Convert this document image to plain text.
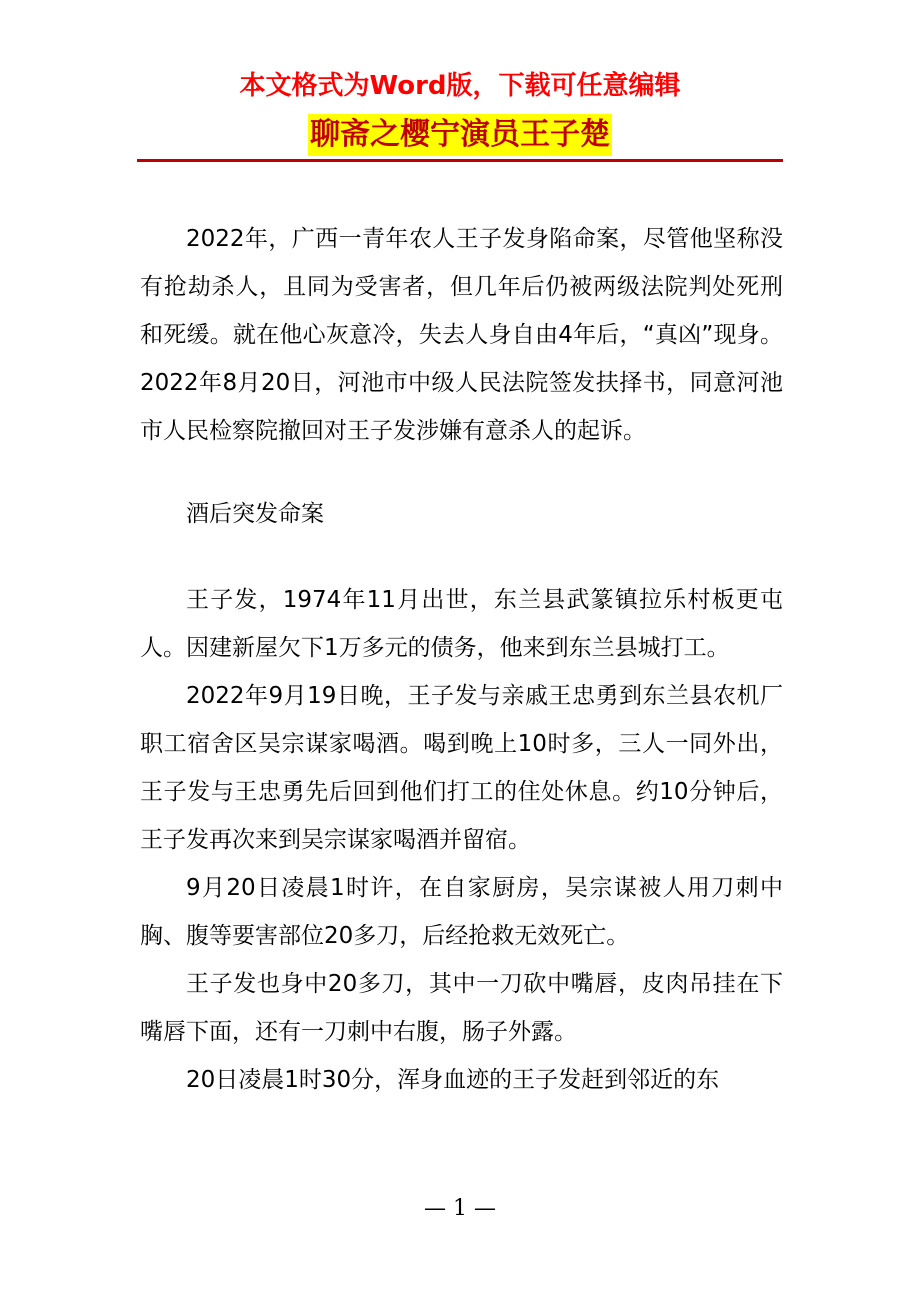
本文格式为Word版，下载可任意编辑
聊斋之樱宁演员王子楚

2022年，广西一青年农人王子发身陷命案，尽管他坚称没有抢劫杀人，且同为受害者，但几年后仍被两级法院判处死刑和死缓。就在他心灰意冷，失去人身自由4年后，“真凶”现身。2022年8月20日，河池市中级人民法院签发扶择书，同意河池市人民检察院撤回对王子发涉嫌有意杀人的起诉。

酒后突发命案

王子发，1974年11月出世，东兰县武篆镇拉乐村板更屯人。因建新屋欠下1万多元的债务，他来到东兰县城打工。

2022年9月19日晚，王子发与亲戚王忠勇到东兰县农机厂职工宿舍区吴宗谋家喝酒。喝到晚上10时多，三人一同外出，王子发与王忠勇先后回到他们打工的住处休息。约10分钟后，王子发再次来到吴宗谋家喝酒并留宿。

9月20日凌晨1时许，在自家厨房，吴宗谋被人用刀刺中胸、腹等要害部位20多刀，后经抢救无效死亡。

王子发也身中20多刀，其中一刀砍中嘴唇，皮肉吊挂在下嘴唇下面，还有一刀刺中右腹，肠子外露。

20日凌晨1时30分，浑身血迹的王子发赶到邻近的东

— 1 —
